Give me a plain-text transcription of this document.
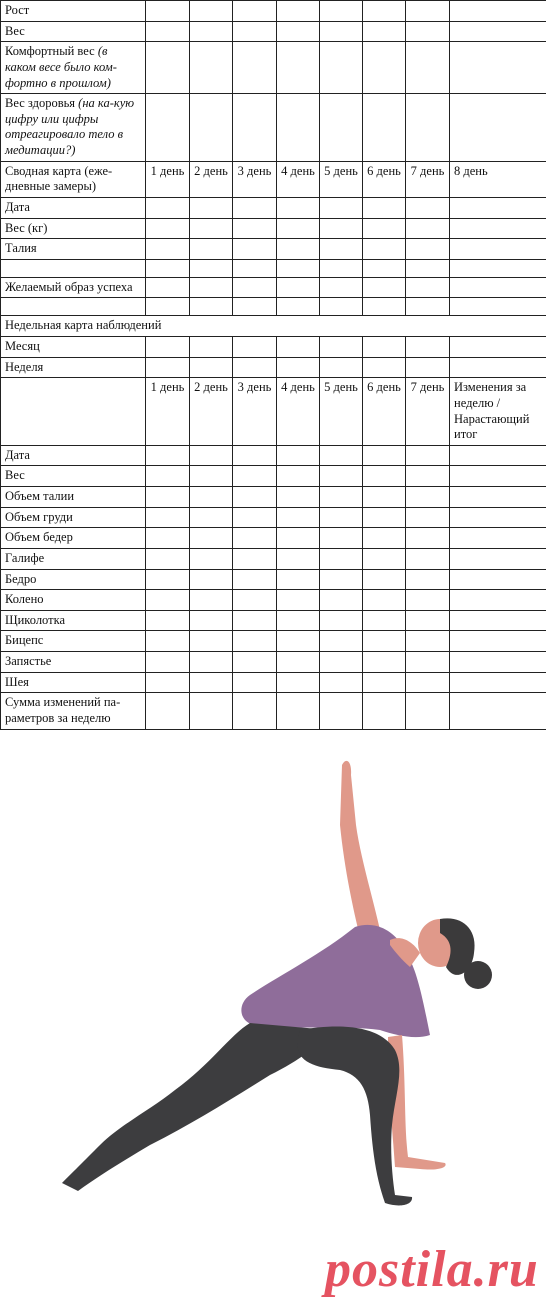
Рост								
Вес								
Комфортный вес (в каком весе было ком-фортно в прошлом)								
Вес здоровья (на ка-кую цифру или цифры отреагировало тело в медитации?)								
Сводная карта (еже-дневные замеры)	1 день	2 день	3 день	4 день	5 день	6 день	7 день	8 день
Дата								
Вес (кг)								
Талия								

Желаемый образ успеха								

Недельная карта наблюдений								
Месяц								
Неделя								
	1 день	2 день	3 день	4 день	5 день	6 день	7 день	Изменения за неделю / Нарастающий итог
Дата								
Вес								
Объем талии								
Объем груди								
Объем бедер								
Галифе								
Бедро								
Колено								
Щиколотка								
Бицепс								
Запястье								
Шея								
Сумма изменений па-раметров за неделю								
postila.ru
